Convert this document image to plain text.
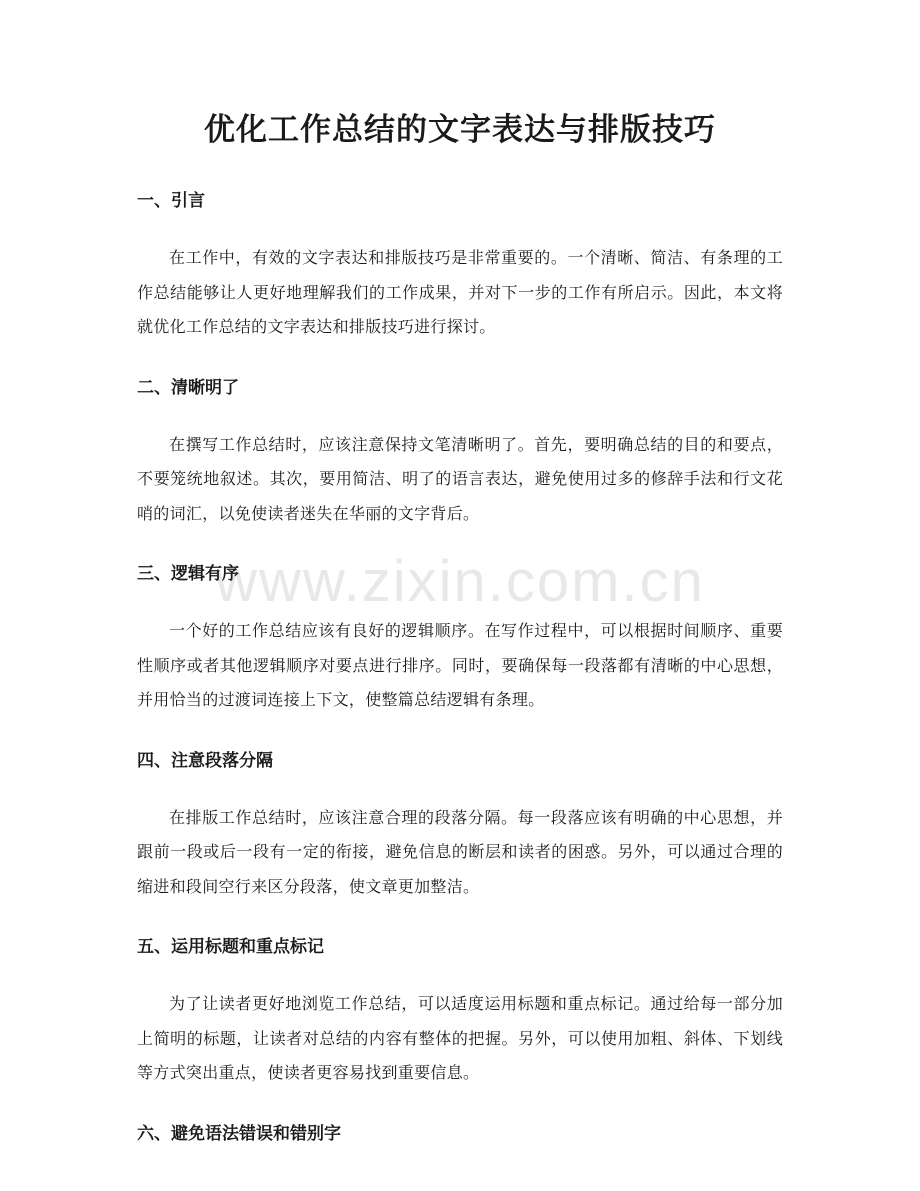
优化工作总结的文字表达与排版技巧
www.zixin.com.cn
一、引言

在工作中，有效的文字表达和排版技巧是非常重要的。一个清晰、简洁、有条理的工作总结能够让人更好地理解我们的工作成果，并对下一步的工作有所启示。因此，本文将就优化工作总结的文字表达和排版技巧进行探讨。

二、清晰明了

在撰写工作总结时，应该注意保持文笔清晰明了。首先，要明确总结的目的和要点，不要笼统地叙述。其次，要用简洁、明了的语言表达，避免使用过多的修辞手法和行文花哨的词汇，以免使读者迷失在华丽的文字背后。

三、逻辑有序

一个好的工作总结应该有良好的逻辑顺序。在写作过程中，可以根据时间顺序、重要性顺序或者其他逻辑顺序对要点进行排序。同时，要确保每一段落都有清晰的中心思想，并用恰当的过渡词连接上下文，使整篇总结逻辑有条理。

四、注意段落分隔

在排版工作总结时，应该注意合理的段落分隔。每一段落应该有明确的中心思想，并跟前一段或后一段有一定的衔接，避免信息的断层和读者的困惑。另外，可以通过合理的缩进和段间空行来区分段落，使文章更加整洁。

五、运用标题和重点标记

为了让读者更好地浏览工作总结，可以适度运用标题和重点标记。通过给每一部分加上简明的标题，让读者对总结的内容有整体的把握。另外，可以使用加粗、斜体、下划线等方式突出重点，使读者更容易找到重要信息。

六、避免语法错误和错别字
